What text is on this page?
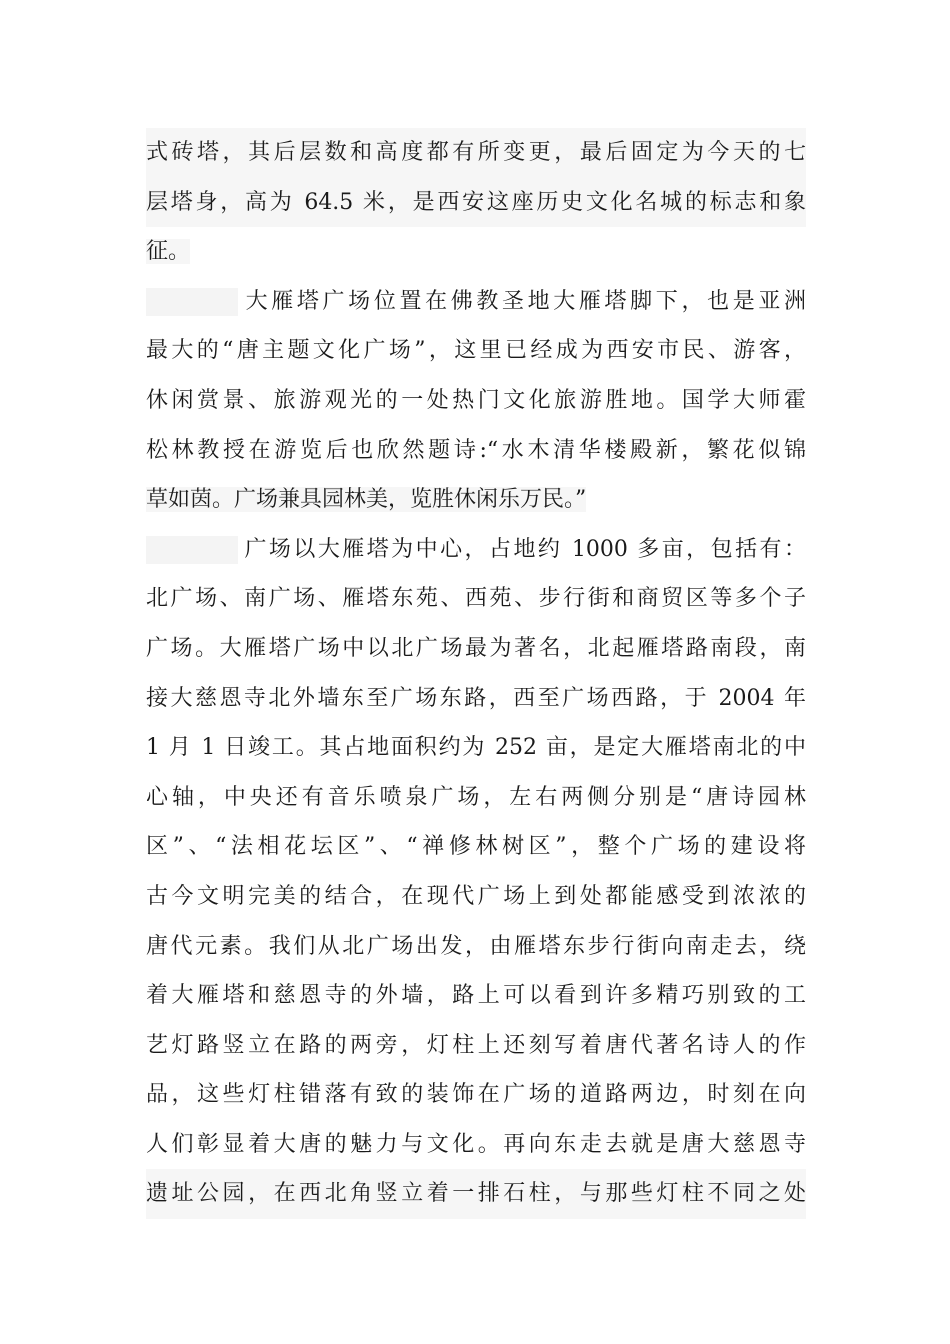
式砖塔，其后层数和高度都有所变更，最后固定为今天的七
层塔身，高为 64.5 米，是西安这座历史文化名城的标志和象
征。
大雁塔广场位置在佛教圣地大雁塔脚下，也是亚洲
最大的“唐主题文化广场”，这里已经成为西安市民、游客，
休闲赏景、旅游观光的一处热门文化旅游胜地。国学大师霍
松林教授在游览后也欣然题诗:“水木清华楼殿新，繁花似锦
草如茵。广场兼具园林美，览胜休闲乐万民。”
广场以大雁塔为中心，占地约 1000 多亩，包括有：
北广场、南广场、雁塔东苑、西苑、步行街和商贸区等多个子
广场。大雁塔广场中以北广场最为著名，北起雁塔路南段，南
接大慈恩寺北外墙东至广场东路，西至广场西路，于 2004 年
1 月 1 日竣工。其占地面积约为 252 亩，是定大雁塔南北的中
心轴，中央还有音乐喷泉广场，左右两侧分别是“唐诗园林
区”、“法相花坛区”、“禅修林树区”，整个广场的建设将
古今文明完美的结合，在现代广场上到处都能感受到浓浓的
唐代元素。我们从北广场出发，由雁塔东步行街向南走去，绕
着大雁塔和慈恩寺的外墙，路上可以看到许多精巧别致的工
艺灯路竖立在路的两旁，灯柱上还刻写着唐代著名诗人的作
品，这些灯柱错落有致的装饰在广场的道路两边，时刻在向
人们彰显着大唐的魅力与文化。再向东走去就是唐大慈恩寺
遗址公园，在西北角竖立着一排石柱，与那些灯柱不同之处
